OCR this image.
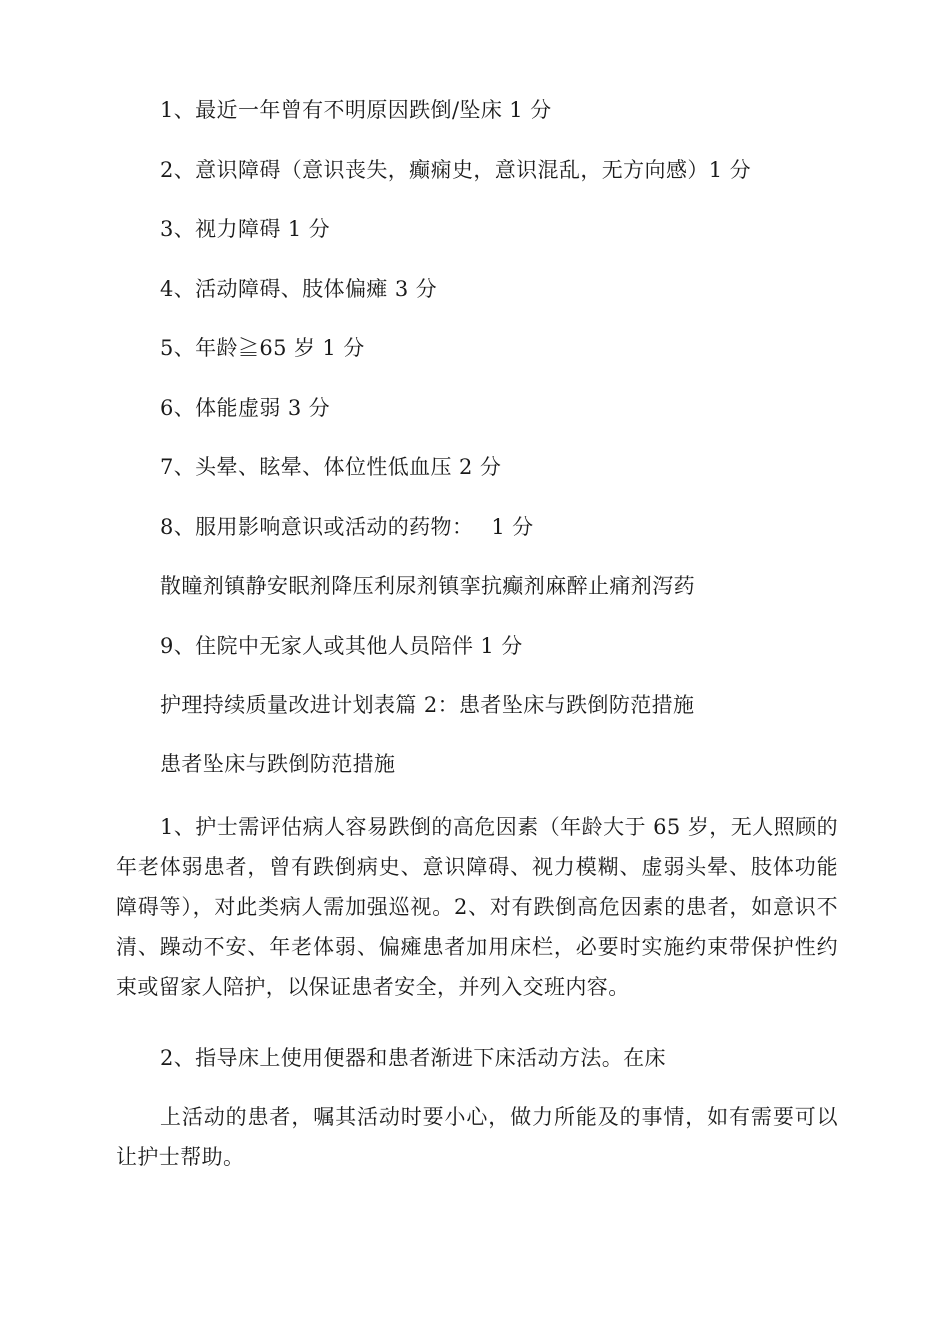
1、最近一年曾有不明原因跌倒/坠床 1 分
2、意识障碍（意识丧失，癫痫史，意识混乱，无方向感）1 分
3、视力障碍 1 分
4、活动障碍、肢体偏瘫 3 分
5、年龄≧65 岁 1 分
6、体能虚弱 3 分
7、头晕、眩晕、体位性低血压 2 分
8、服用影响意识或活动的药物：　 1 分
散瞳剂镇静安眠剂降压利尿剂镇挛抗癫剂麻醉止痛剂泻药
9、住院中无家人或其他人员陪伴 1 分
护理持续质量改进计划表篇 2：患者坠床与跌倒防范措施
患者坠床与跌倒防范措施

1、护士需评估病人容易跌倒的高危因素（年龄大于 65 岁，无人照顾的年老体弱患者，曾有跌倒病史、意识障碍、视力模糊、虚弱头晕、肢体功能障碍等），对此类病人需加强巡视。2、对有跌倒高危因素的患者，如意识不清、躁动不安、年老体弱、偏瘫患者加用床栏，必要时实施约束带保护性约束或留家人陪护，以保证患者安全，并列入交班内容。

2、指导床上使用便器和患者渐进下床活动方法。在床

上活动的患者，嘱其活动时要小心，做力所能及的事情，如有需要可以让护士帮助。
